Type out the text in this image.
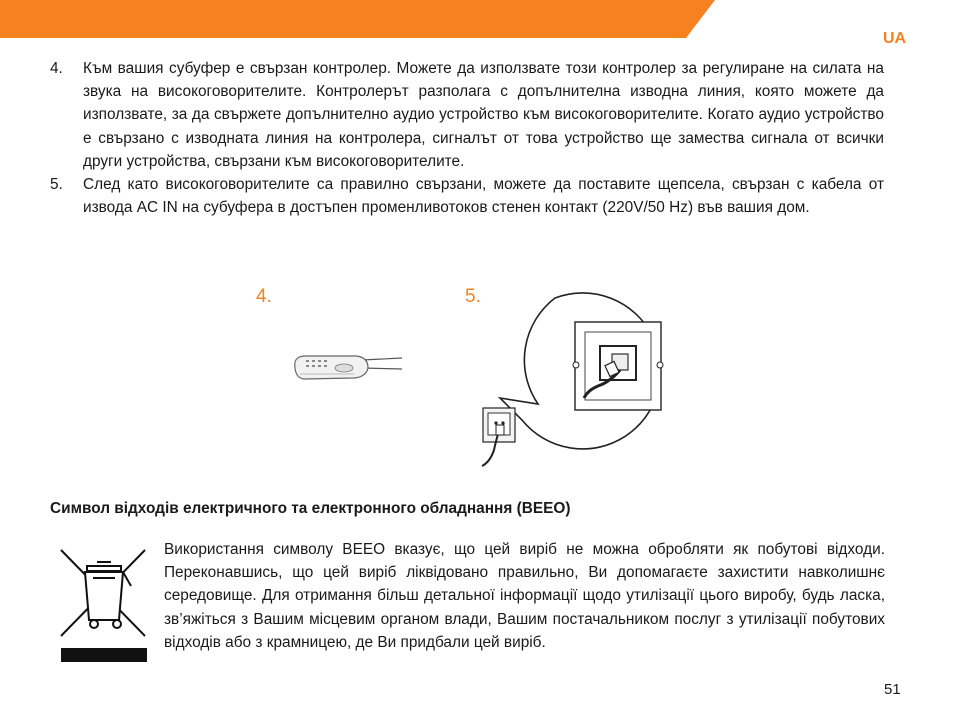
UA
4. Към вашия субуфер е свързан контролер. Можете да използвате този контролер за регулиране на силата на звука на високоговорителите. Контролерът разполага с допълнителна изводна линия, която можете да използвате, за да свържете допълнително аудио устройство към високоговорителите. Когато аудио устройство е свързано с изводната линия на контролера, сигналът от това устройство ще замества сигнала от всички други устройства, свързани към високоговорителите.
5. След като високоговорителите са правилно свързани, можете да поставите щепсела, свързан с кабела от извода AC IN на субуфера в достъпен променливотоков стенен контакт (220V/50 Hz) във вашия дом.
4.	5.
Символ відходів електричного та електронного обладнання (ВЕЕО)

Використання символу ВЕЕО вказує, що цей виріб не можна обробляти як побутові відходи. Переконавшись, що цей виріб ліквідовано правильно, Ви допомагаєте захистити навколишнє середовище. Для отримання більш детальної інформації щодо утилізації цього виробу, будь ласка, зв’яжіться з Вашим місцевим органом влади, Вашим постачальником послуг з утилізації побутових відходів або з крамницею, де Ви придбали цей виріб.

51
